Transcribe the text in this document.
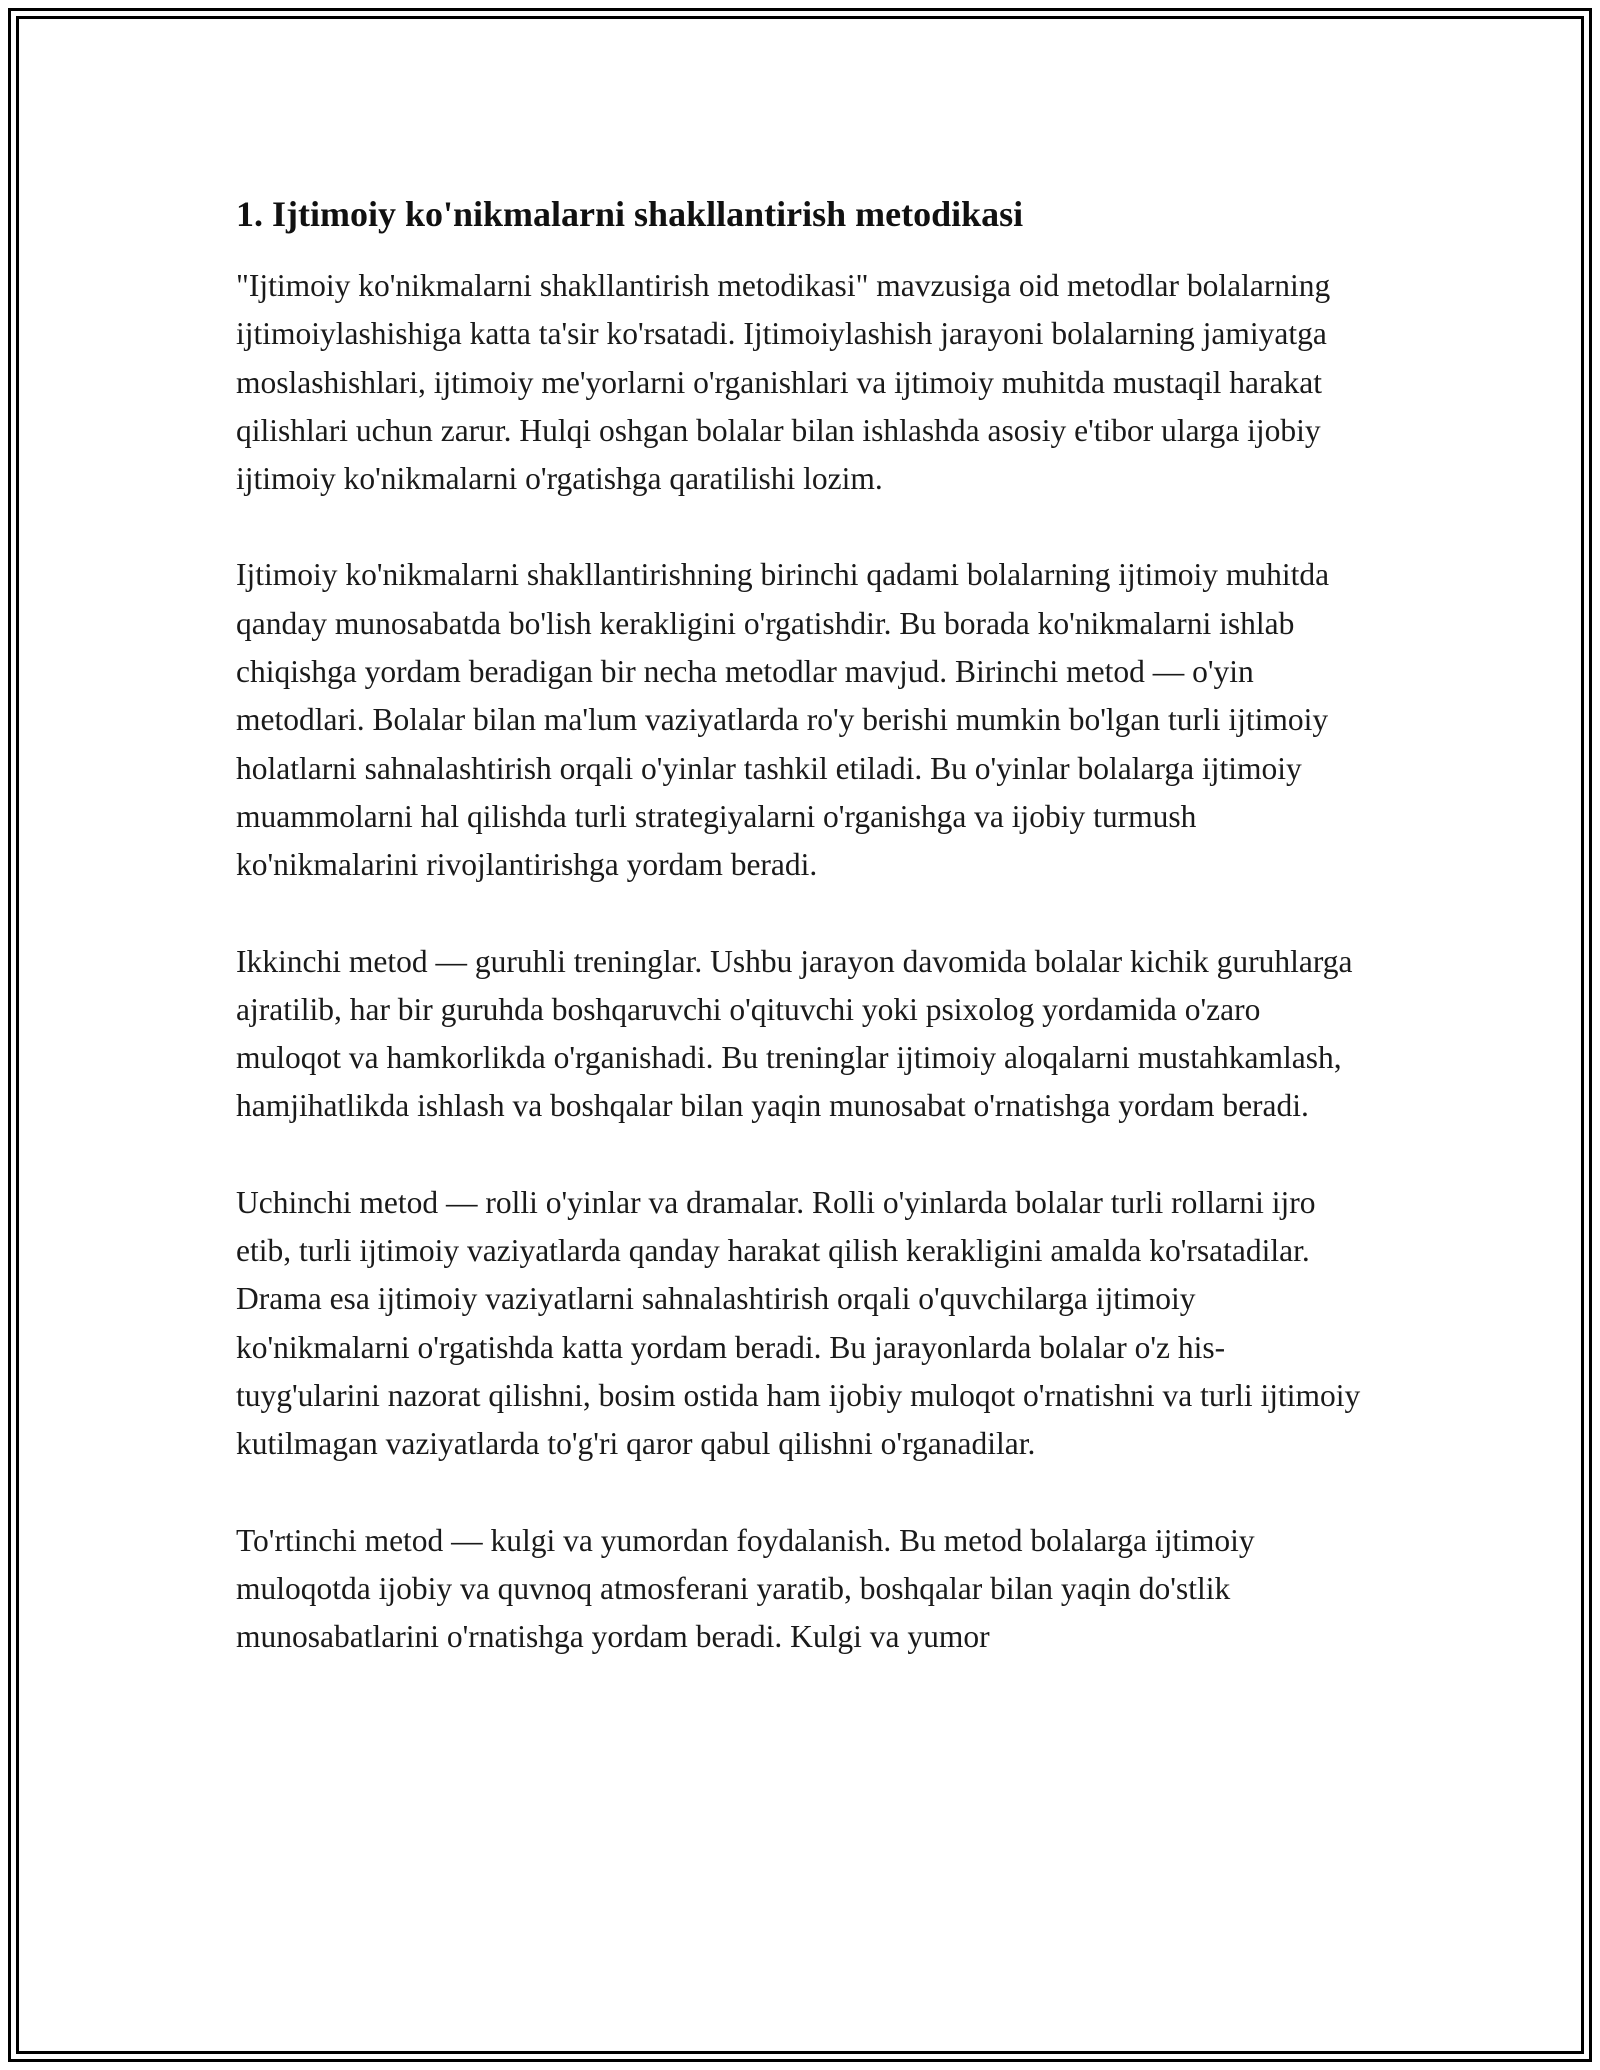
1. Ijtimoiy ko'nikmalarni shakllantirish metodikasi

"Ijtimoiy ko'nikmalarni shakllantirish metodikasi" mavzusiga oid metodlar bolalarning ijtimoiylashishiga katta ta'sir ko'rsatadi. Ijtimoiylashish jarayoni bolalarning jamiyatga moslashishlari, ijtimoiy me'yorlarni o'rganishlari va ijtimoiy muhitda mustaqil harakat qilishlari uchun zarur. Hulqi oshgan bolalar bilan ishlashda asosiy e'tibor ularga ijobiy ijtimoiy ko'nikmalarni o'rgatishga qaratilishi lozim.

Ijtimoiy ko'nikmalarni shakllantirishning birinchi qadami bolalarning ijtimoiy muhitda qanday munosabatda bo'lish kerakligini o'rgatishdir. Bu borada ko'nikmalarni ishlab chiqishga yordam beradigan bir necha metodlar mavjud. Birinchi metod — o'yin metodlari. Bolalar bilan ma'lum vaziyatlarda ro'y berishi mumkin bo'lgan turli ijtimoiy holatlarni sahnalashtirish orqali o'yinlar tashkil etiladi. Bu o'yinlar bolalarga ijtimoiy muammolarni hal qilishda turli strategiyalarni o'rganishga va ijobiy turmush ko'nikmalarini rivojlantirishga yordam beradi.

Ikkinchi metod — guruhli treninglar. Ushbu jarayon davomida bolalar kichik guruhlarga ajratilib, har bir guruhda boshqaruvchi o'qituvchi yoki psixolog yordamida o'zaro muloqot va hamkorlikda o'rganishadi. Bu treninglar ijtimoiy aloqalarni mustahkamlash, hamjihatlikda ishlash va boshqalar bilan yaqin munosabat o'rnatishga yordam beradi.

Uchinchi metod — rolli o'yinlar va dramalar. Rolli o'yinlarda bolalar turli rollarni ijro etib, turli ijtimoiy vaziyatlarda qanday harakat qilish kerakligini amalda ko'rsatadilar. Drama esa ijtimoiy vaziyatlarni sahnalashtirish orqali o'quvchilarga ijtimoiy ko'nikmalarni o'rgatishda katta yordam beradi. Bu jarayonlarda bolalar o'z his-tuyg'ularini nazorat qilishni, bosim ostida ham ijobiy muloqot o'rnatishni va turli ijtimoiy kutilmagan vaziyatlarda to'g'ri qaror qabul qilishni o'rganadilar.

To'rtinchi metod — kulgi va yumordan foydalanish. Bu metod bolalarga ijtimoiy muloqotda ijobiy va quvnoq atmosferani yaratib, boshqalar bilan yaqin do'stlik munosabatlarini o'rnatishga yordam beradi. Kulgi va yumor
